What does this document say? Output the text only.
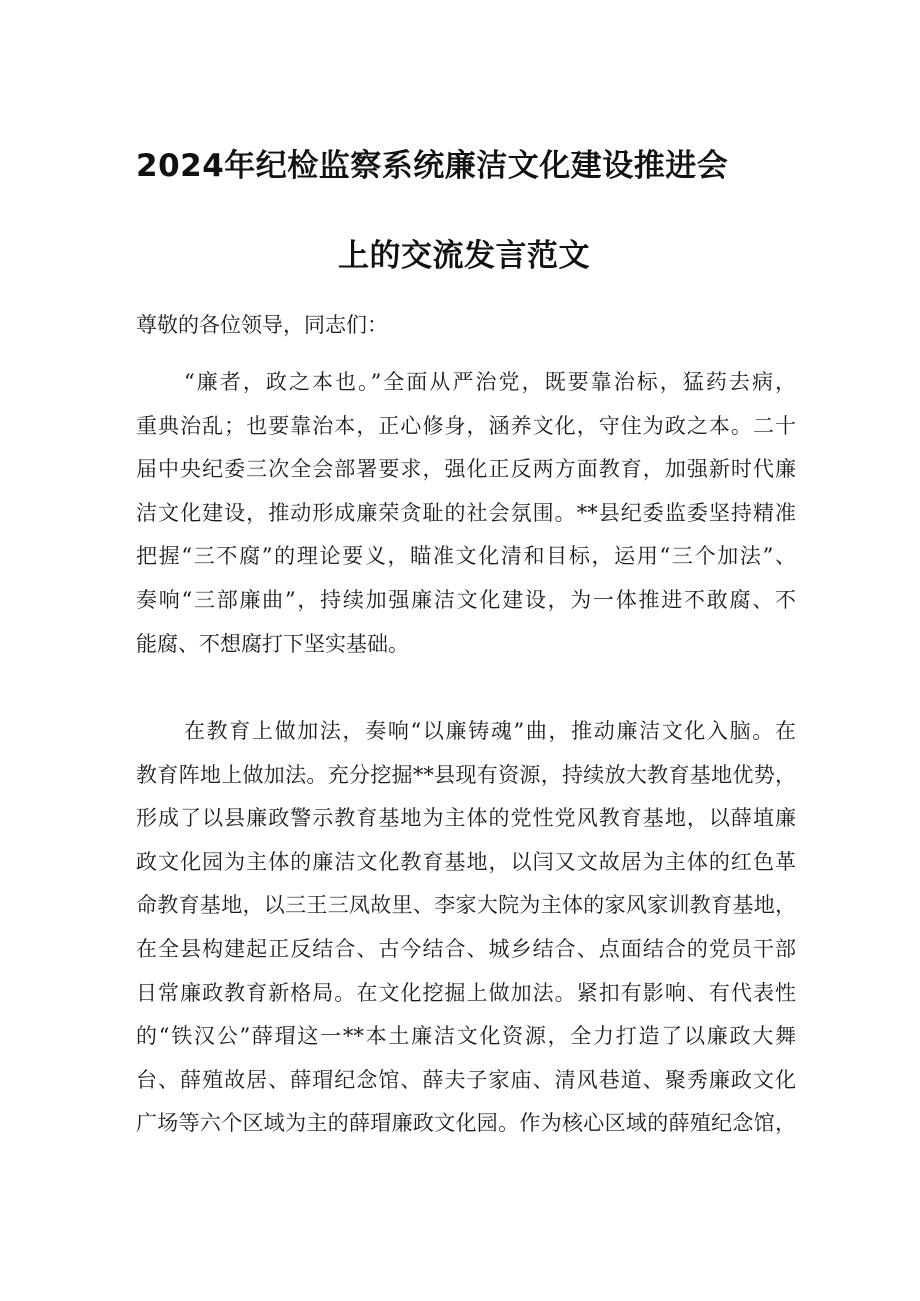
2024年纪检监察系统廉洁文化建设推进会
上的交流发言范文
尊敬的各位领导，同志们：
“廉者，政之本也。”全面从严治党，既要靠治标，猛药去病，
重典治乱；也要靠治本，正心修身，涵养文化，守住为政之本。二十
届中央纪委三次全会部署要求，强化正反两方面教育，加强新时代廉
洁文化建设，推动形成廉荣贪耻的社会氛围。**县纪委监委坚持精准
把握“三不腐”的理论要义，瞄准文化清和目标，运用“三个加法”、
奏响“三部廉曲”，持续加强廉洁文化建设，为一体推进不敢腐、不
能腐、不想腐打下坚实基础。
在教育上做加法，奏响“以廉铸魂”曲，推动廉洁文化入脑。在
教育阵地上做加法。充分挖掘**县现有资源，持续放大教育基地优势，
形成了以县廉政警示教育基地为主体的党性党风教育基地，以薛埴廉
政文化园为主体的廉洁文化教育基地，以闫又文故居为主体的红色革
命教育基地，以三王三凤故里、李家大院为主体的家风家训教育基地，
在全县构建起正反结合、古今结合、城乡结合、点面结合的党员干部
日常廉政教育新格局。在文化挖掘上做加法。紧扣有影响、有代表性
的“铁汉公”薛瑁这一**本土廉洁文化资源，全力打造了以廉政大舞
台、薛殖故居、薛瑁纪念馆、薛夫子家庙、清风巷道、聚秀廉政文化
广场等六个区域为主的薛瑁廉政文化园。作为核心区域的薛殖纪念馆，
